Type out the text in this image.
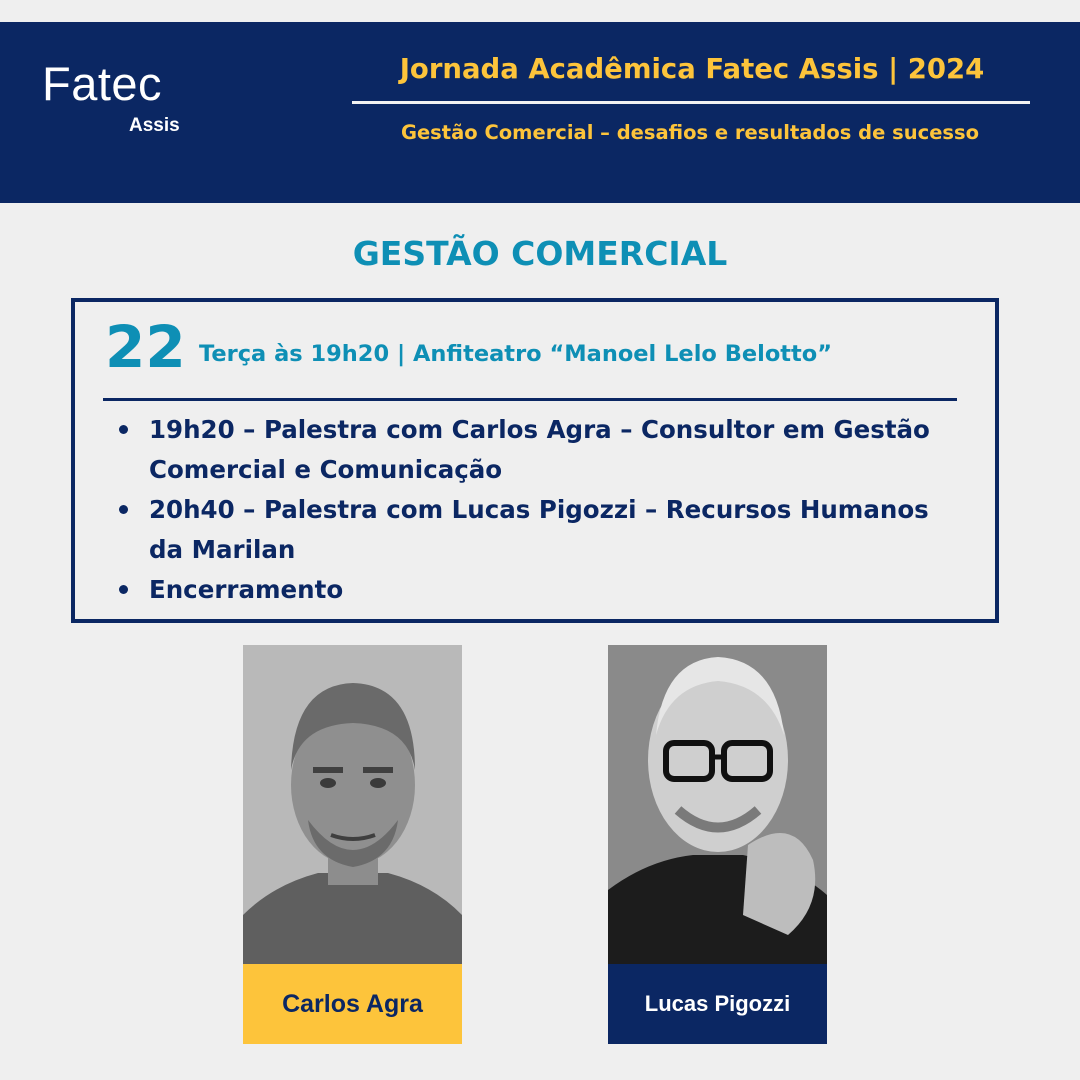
Fatec
Assis
Jornada Acadêmica Fatec Assis | 2024
Gestão Comercial – desafios e resultados de sucesso
GESTÃO COMERCIAL
22 Terça às 19h20 | Anfiteatro “Manoel Lelo Belotto”
19h20 – Palestra com Carlos Agra – Consultor em Gestão Comercial e Comunicação
20h40 – Palestra com Lucas Pigozzi – Recursos Humanos da Marilan
Encerramento
Carlos Agra	Lucas Pigozzi
